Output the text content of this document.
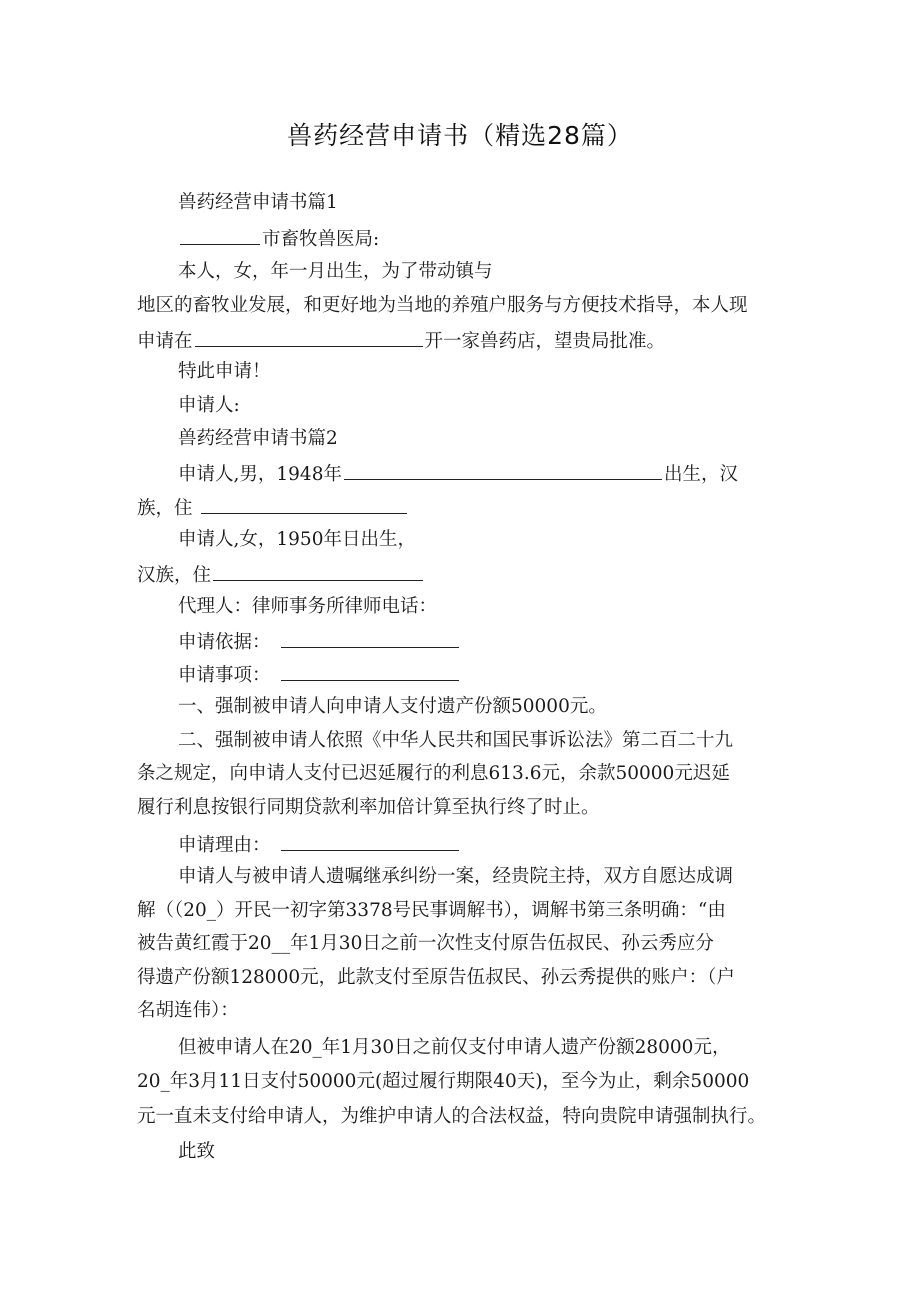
兽药经营申请书（精选28篇）
兽药经营申请书篇1
市畜牧兽医局:
本人，女，年一月出生，为了带动镇与
地区的畜牧业发展，和更好地为当地的养殖户服务与方便技术指导，本人现
申请在	开一家兽药店，望贵局批准。
特此申请！
申请人:
兽药经营申请书篇2
申请人,男，1948年	出生，汉
族，住
申请人,女，1950年日出生，
汉族，住
代理人：律师事务所律师电话：
申请依据：
申请事项：
一、强制被申请人向申请人支付遗产份额50000元。
二、强制被申请人依照《中华人民共和国民事诉讼法》第二百二十九
条之规定，向申请人支付已迟延履行的利息613.6元，余款50000元迟延
履行利息按银行同期贷款利率加倍计算至执行终了时止。
申请理由：
申请人与被申请人遗嘱继承纠纷一案，经贵院主持，双方自愿达成调
解（（20_）开民一初字第3378号民事调解书），调解书第三条明确：“由
被告黄红霞于20__年1月30日之前一次性支付原告伍叔民、孙云秀应分
得遗产份额128000元，此款支付至原告伍叔民、孙云秀提供的账户：（户
名胡连伟）：
但被申请人在20_年1月30日之前仅支付申请人遗产份额28000元，
20_年3月11日支付50000元(超过履行期限40天)，至今为止，剩余50000
元一直未支付给申请人，为维护申请人的合法权益，特向贵院申请强制执行。
此致
